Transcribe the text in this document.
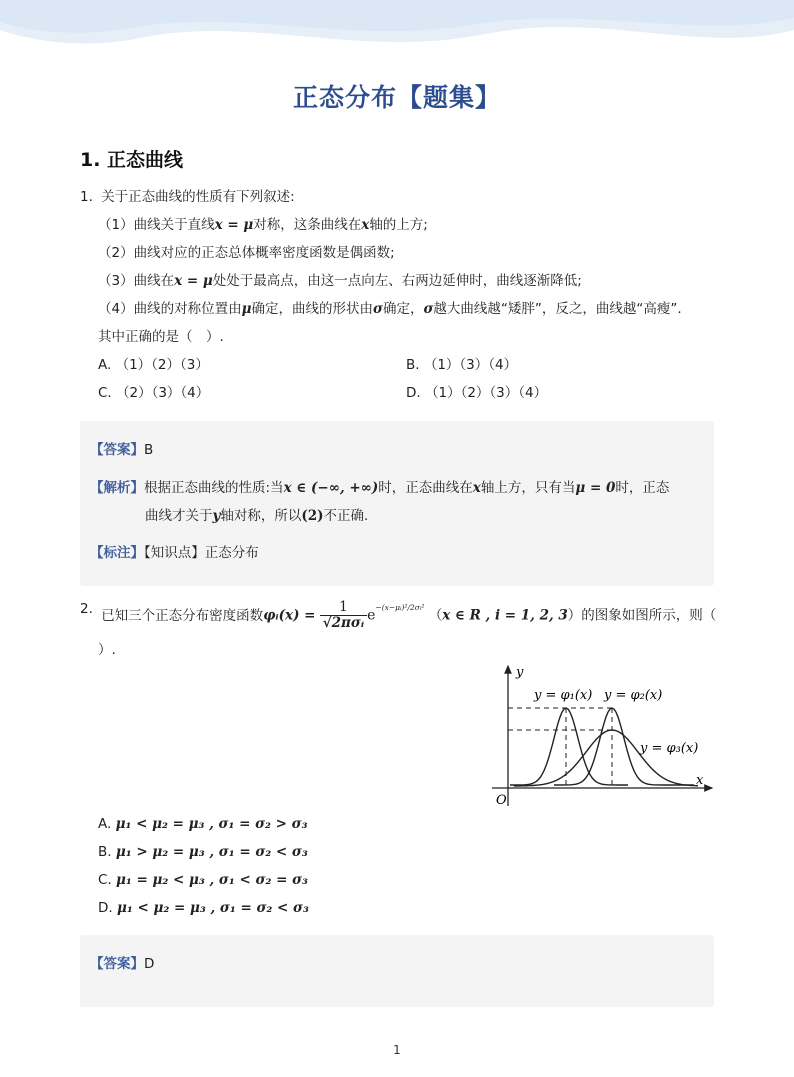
正态分布【题集】
1. 正态曲线
1. 关于正态曲线的性质有下列叙述:
（1）曲线关于直线x = μ对称，这条曲线在x轴的上方;
（2）曲线对应的正态总体概率密度函数是偶函数;
（3）曲线在x = μ处处于最高点，由这一点向左、右两边延伸时，曲线逐渐降低;
（4）曲线的对称位置由μ确定，曲线的形状由σ确定，σ越大曲线越“矮胖”，反之，曲线越“高瘦”.
其中正确的是（　）.
A. （1）（2）（3）	B. （1）（3）（4）
C. （2）（3）（4）	D. （1）（2）（3）（4）
【答案】B
【解析】根据正态曲线的性质:当x ∈ (−∞, +∞)时，正态曲线在x轴上方，只有当μ = 0时，正态
曲线才关于y轴对称，所以(2)不正确.
【标注】【知识点】正态分布
2. 已知三个正态分布密度函数φᵢ(x) = $\frac{1}{\text{√2πσᵢ}} e^{-(x-\mu ᵢ)^2/2\sigma ᵢ^2}$ （x ∈ R , i = 1, 2, 3）的图象如图所示，则（
）.
y = φ₁(x) y = φ₂(x)
y = φ₃(x)
x
y
O
A. μ₁ < μ₂ = μ₃ , σ₁ = σ₂ > σ₃
B. μ₁ > μ₂ = μ₃ , σ₁ = σ₂ < σ₃
C. μ₁ = μ₂ < μ₃ , σ₁ < σ₂ = σ₃
D. μ₁ < μ₂ = μ₃ , σ₁ = σ₂ < σ₃
【答案】D
1
